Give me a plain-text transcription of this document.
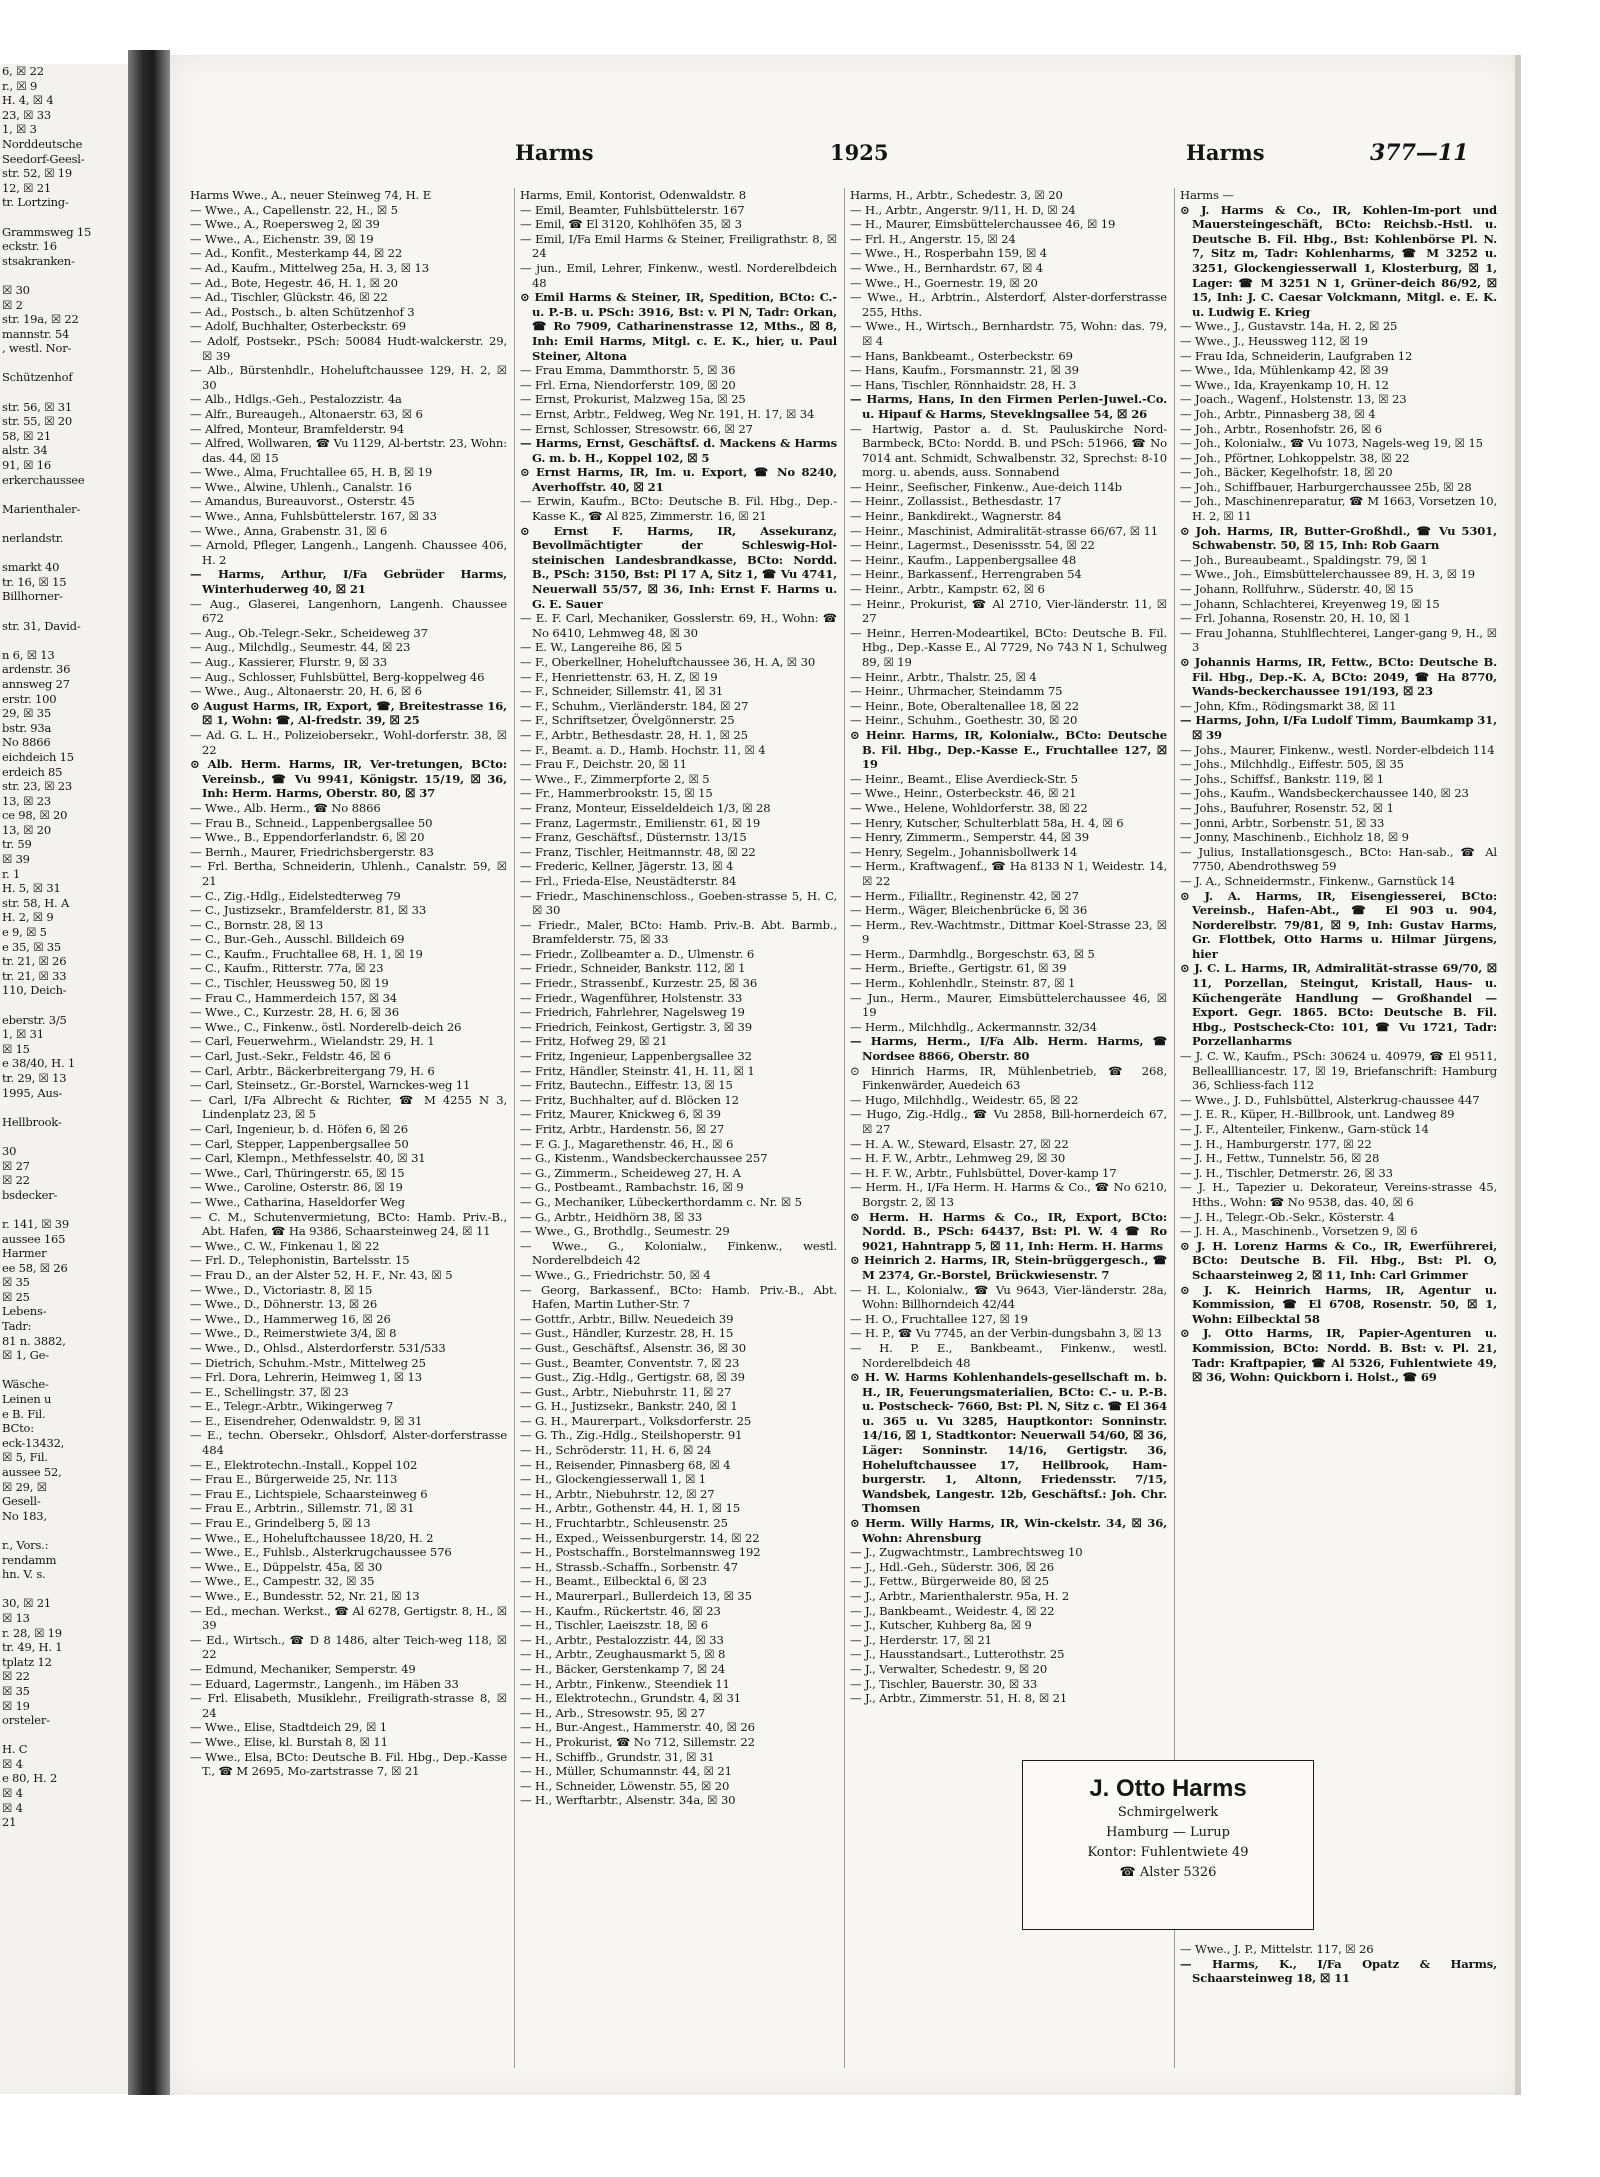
6, ☒ 22
r., ☒ 9
H. 4, ☒ 4
23, ☒ 33
1, ☒ 3
Norddeutsche
Seedorf-Geesl-
str. 52, ☒ 19
12, ☒ 21
tr. Lortzing-

Grammsweg 15
eckstr. 16
stsakranken-

☒ 30
☒ 2
str. 19a, ☒ 22
mannstr. 54
, westl. Nor-

Schützenhof

str. 56, ☒ 31
str. 55, ☒ 20
58, ☒ 21
alstr. 34
91, ☒ 16
erkerchaussee

Marienthaler-

nerlandstr.

smarkt 40
tr. 16, ☒ 15
Billhorner-

str. 31, David-

n 6, ☒ 13
ardenstr. 36
annsweg 27
erstr. 100
29, ☒ 35
bstr. 93a
No 8866
eichdeich 15
erdeich 85
str. 23, ☒ 23
13, ☒ 23
ce 98, ☒ 20
13, ☒ 20
tr. 59
☒ 39
r. 1
H. 5, ☒ 31
str. 58, H. A
H. 2, ☒ 9
e 9, ☒ 5
e 35, ☒ 35
tr. 21, ☒ 26
tr. 21, ☒ 33
110, Deich-

eberstr. 3/5
1, ☒ 31
☒ 15
e 38/40, H. 1
tr. 29, ☒ 13
1995, Aus-

Hellbrook-

30
☒ 27
☒ 22
bsdecker-

r. 141, ☒ 39
aussee 165
Harmer
ee 58, ☒ 26
☒ 35
☒ 25
Lebens-
Tadr:
81 n. 3882,
☒ 1, Ge-

Wäsche-
Leinen u
e B. Fil.
BCto:
eck-13432,
☒ 5, Fil.
aussee 52,
☒ 29, ☒
Gesell-
No 183,

r., Vors.:
rendamm
hn. V. s.

30, ☒ 21
☒ 13
r. 28, ☒ 19
tr. 49, H. 1
tplatz 12
☒ 22
☒ 35
☒ 19
orsteler-

H. C
☒ 4
e 80, H. 2
☒ 4
☒ 4
21
Harms	1925	Harms	377—11

Harms Wwe., A., neuer Steinweg 74, H. E

— Wwe., A., Capellenstr. 22, H., ☒ 5

— Wwe., A., Roepersweg 2, ☒ 39

— Wwe., A., Eichenstr. 39, ☒ 19

— Ad., Konfit., Mesterkamp 44, ☒ 22

— Ad., Kaufm., Mittelweg 25a, H. 3, ☒ 13

— Ad., Bote, Hegestr. 46, H. 1, ☒ 20

— Ad., Tischler, Glückstr. 46, ☒ 22

— Ad., Postsch., b. alten Schützenhof 3

— Adolf, Buchhalter, Osterbeckstr. 69

— Adolf, Postsekr., PSch: 50084 Hudt-walckerstr. 29, ☒ 39

— Alb., Bürstenhdlr., Hoheluftchaussee 129, H. 2, ☒ 30

— Alb., Hdlgs.-Geh., Pestalozzistr. 4a

— Alfr., Bureaugeh., Altonaerstr. 63, ☒ 6

— Alfred, Monteur, Bramfelderstr. 94

— Alfred, Wollwaren, ☎ Vu 1129, Al-bertstr. 23, Wohn: das. 44, ☒ 15

— Wwe., Alma, Fruchtallee 65, H. B, ☒ 19

— Wwe., Alwine, Uhlenh., Canalstr. 16

— Amandus, Bureauvorst., Osterstr. 45

— Wwe., Anna, Fuhlsbüttelerstr. 167, ☒ 33

— Wwe., Anna, Grabenstr. 31, ☒ 6

— Arnold, Pfleger, Langenh., Langenh. Chaussee 406, H. 2

— Harms, Arthur, I/Fa Gebrüder Harms, Winterhuderweg 40, ☒ 21

— Aug., Glaserei, Langenhorn, Langenh. Chaussee 672

— Aug., Ob.-Telegr.-Sekr., Scheideweg 37

— Aug., Milchdlg., Seumestr. 44, ☒ 23

— Aug., Kassierer, Flurstr. 9, ☒ 33

— Aug., Schlosser, Fuhlsbüttel, Berg-koppelweg 46

— Wwe., Aug., Altonaerstr. 20, H. 6, ☒ 6

⊙ August Harms, IR, Export, ☎, Breitestrasse 16, ☒ 1, Wohn: ☎, Al-fredstr. 39, ☒ 25

— Ad. G. L. H., Polizeiobersekr., Wohl-dorferstr. 38, ☒ 22

⊙ Alb. Herm. Harms, IR, Ver-tretungen, BCto: Vereinsb., ☎ Vu 9941, Königstr. 15/19, ☒ 36, Inh: Herm. Harms, Oberstr. 80, ☒ 37

— Wwe., Alb. Herm., ☎ No 8866

— Frau B., Schneid., Lappenbergsallee 50

— Wwe., B., Eppendorferlandstr. 6, ☒ 20

— Bernh., Maurer, Friedrichsbergerstr. 83

— Frl. Bertha, Schneiderin, Uhlenh., Canalstr. 59, ☒ 21

— C., Zig.-Hdlg., Eidelstedterweg 79

— C., Justizsekr., Bramfelderstr. 81, ☒ 33

— C., Bornstr. 28, ☒ 13

— C., Bur.-Geh., Ausschl. Billdeich 69

— C., Kaufm., Fruchtallee 68, H. 1, ☒ 19

— C., Kaufm., Ritterstr. 77a, ☒ 23

— C., Tischler, Heussweg 50, ☒ 19

— Frau C., Hammerdeich 157, ☒ 34

— Wwe., C., Kurzestr. 28, H. 6, ☒ 36

— Wwe., C., Finkenw., östl. Norderelb-deich 26

— Carl, Feuerwehrm., Wielandstr. 29, H. 1

— Carl, Just.-Sekr., Feldstr. 46, ☒ 6

— Carl, Arbtr., Bäckerbreitergang 79, H. 6

— Carl, Steinsetz., Gr.-Borstel, Warnckes-weg 11

— Carl, I/Fa Albrecht & Richter, ☎ M 4255 N 3, Lindenplatz 23, ☒ 5

— Carl, Ingenieur, b. d. Höfen 6, ☒ 26

— Carl, Stepper, Lappenbergsallee 50

— Carl, Klempn., Methfesselstr. 40, ☒ 31

— Wwe., Carl, Thüringerstr. 65, ☒ 15

— Wwe., Caroline, Osterstr. 86, ☒ 19

— Wwe., Catharina, Haseldorfer Weg

— C. M., Schutenvermietung, BCto: Hamb. Priv.-B., Abt. Hafen, ☎ Ha 9386, Schaarsteinweg 24, ☒ 11

— Wwe., C. W., Finkenau 1, ☒ 22

— Frl. D., Telephonistin, Bartelsstr. 15

— Frau D., an der Alster 52, H. F., Nr. 43, ☒ 5

— Wwe., D., Victoriastr. 8, ☒ 15

— Wwe., D., Döhnerstr. 13, ☒ 26

— Wwe., D., Hammerweg 16, ☒ 26

— Wwe., D., Reimerstwiete 3/4, ☒ 8

— Wwe., D., Ohlsd., Alsterdorferstr. 531/533

— Dietrich, Schuhm.-Mstr., Mittelweg 25

— Frl. Dora, Lehrerin, Heimweg 1, ☒ 13

— E., Schellingstr. 37, ☒ 23

— E., Telegr.-Arbtr., Wikingerweg 7

— E., Eisendreher, Odenwaldstr. 9, ☒ 31

— E., techn. Obersekr., Ohlsdorf, Alster-dorferstrasse 484

— E., Elektrotechn.-Install., Koppel 102

— Frau E., Bürgerweide 25, Nr. 113

— Frau E., Lichtspiele, Schaarsteinweg 6

— Frau E., Arbtrin., Sillemstr. 71, ☒ 31

— Frau E., Grindelberg 5, ☒ 13

— Wwe., E., Hoheluftchaussee 18/20, H. 2

— Wwe., E., Fuhlsb., Alsterkrugchaussee 576

— Wwe., E., Düppelstr. 45a, ☒ 30

— Wwe., E., Campestr. 32, ☒ 35

— Wwe., E., Bundesstr. 52, Nr. 21, ☒ 13

— Ed., mechan. Werkst., ☎ Al 6278, Gertigstr. 8, H., ☒ 39

— Ed., Wirtsch., ☎ D 8 1486, alter Teich-weg 118, ☒ 22

— Edmund, Mechaniker, Semperstr. 49

— Eduard, Lagermstr., Langenh., im Häben 33

— Frl. Elisabeth, Musiklehr., Freiligrath-strasse 8, ☒ 24

— Wwe., Elise, Stadtdeich 29, ☒ 1

— Wwe., Elise, kl. Burstah 8, ☒ 11

— Wwe., Elsa, BCto: Deutsche B. Fil. Hbg., Dep.-Kasse T., ☎ M 2695, Mo-zartstrasse 7, ☒ 21

Harms, Emil, Kontorist, Odenwaldstr. 8

— Emil, Beamter, Fuhlsbüttelerstr. 167

— Emil, ☎ El 3120, Kohlhöfen 35, ☒ 3

— Emil, I/Fa Emil Harms & Steiner, Freiligrathstr. 8, ☒ 24

— jun., Emil, Lehrer, Finkenw., westl. Norderelbdeich 48

⊙ Emil Harms & Steiner, IR, Spedition, BCto: C.-u. P.-B. u. PSch: 3916, Bst: v. Pl N, Tadr: Orkan, ☎ Ro 7909, Catharinenstrasse 12, Mths., ☒ 8, Inh: Emil Harms, Mitgl. c. E. K., hier, u. Paul Steiner, Altona

— Frau Emma, Dammthorstr. 5, ☒ 36

— Frl. Erna, Niendorferstr. 109, ☒ 20

— Ernst, Prokurist, Malzweg 15a, ☒ 25

— Ernst, Arbtr., Feldweg, Weg Nr. 191, H. 17, ☒ 34

— Ernst, Schlosser, Stresowstr. 66, ☒ 27

— Harms, Ernst, Geschäftsf. d. Mackens & Harms G. m. b. H., Koppel 102, ☒ 5

⊙ Ernst Harms, IR, Im. u. Export, ☎ No 8240, Averhoffstr. 40, ☒ 21

— Erwin, Kaufm., BCto: Deutsche B. Fil. Hbg., Dep.-Kasse K., ☎ Al 825, Zimmerstr. 16, ☒ 21

⊙ Ernst F. Harms, IR, Assekuranz, Bevollmächtigter der Schleswig-Hol-steinischen Landesbrandkasse, BCto: Nordd. B., PSch: 3150, Bst: Pl 17 A, Sitz 1, ☎ Vu 4741, Neuerwall 55/57, ☒ 36, Inh: Ernst F. Harms u. G. E. Sauer

— E. F. Carl, Mechaniker, Gosslerstr. 69, H., Wohn: ☎ No 6410, Lehmweg 48, ☒ 30

— E. W., Langereihe 86, ☒ 5

— F., Oberkellner, Hoheluftchaussee 36, H. A, ☒ 30

— F., Henriettenstr. 63, H. Z, ☒ 19

— F., Schneider, Sillemstr. 41, ☒ 31

— F., Schuhm., Vierländerstr. 184, ☒ 27

— F., Schriftsetzer, Övelgönnerstr. 25

— F., Arbtr., Bethesdastr. 28, H. 1, ☒ 25

— F., Beamt. a. D., Hamb. Hochstr. 11, ☒ 4

— Frau F., Deichstr. 20, ☒ 11

— Wwe., F., Zimmerpforte 2, ☒ 5

— Fr., Hammerbrookstr. 15, ☒ 15

— Franz, Monteur, Eisseldeldeich 1/3, ☒ 28

— Franz, Lagermstr., Emilienstr. 61, ☒ 19

— Franz, Geschäftsf., Düsternstr. 13/15

— Franz, Tischler, Heitmannstr. 48, ☒ 22

— Frederic, Kellner, Jägerstr. 13, ☒ 4

— Frl., Frieda-Else, Neustädterstr. 84

— Friedr., Maschinenschloss., Goeben-strasse 5, H. C, ☒ 30

— Friedr., Maler, BCto: Hamb. Priv.-B. Abt. Barmb., Bramfelderstr. 75, ☒ 33

— Friedr., Zollbeamter a. D., Ulmenstr. 6

— Friedr., Schneider, Bankstr. 112, ☒ 1

— Friedr., Strassenbf., Kurzestr. 25, ☒ 36

— Friedr., Wagenführer, Holstenstr. 33

— Friedrich, Fahrlehrer, Nagelsweg 19

— Friedrich, Feinkost, Gertigstr. 3, ☒ 39

— Fritz, Hofweg 29, ☒ 21

— Fritz, Ingenieur, Lappenbergsallee 32

— Fritz, Händler, Steinstr. 41, H. 11, ☒ 1

— Fritz, Bautechn., Eiffestr. 13, ☒ 15

— Fritz, Buchhalter, auf d. Blöcken 12

— Fritz, Maurer, Knickweg 6, ☒ 39

— Fritz, Arbtr., Hardenstr. 56, ☒ 27

— F. G. J., Magarethenstr. 46, H., ☒ 6

— G., Kistenm., Wandsbeckerchaussee 257

— G., Zimmerm., Scheideweg 27, H. A

— G., Postbeamt., Rambachstr. 16, ☒ 9

— G., Mechaniker, Lübeckerthordamm c. Nr. ☒ 5

— G., Arbtr., Heidhörn 38, ☒ 33

— Wwe., G., Brothdlg., Seumestr. 29

— Wwe., G., Kolonialw., Finkenw., westl. Norderelbdeich 42

— Wwe., G., Friedrichstr. 50, ☒ 4

— Georg, Barkassenf., BCto: Hamb. Priv.-B., Abt. Hafen, Martin Luther-Str. 7

— Gottfr., Arbtr., Billw. Neuedeich 39

— Gust., Händler, Kurzestr. 28, H. 15

— Gust., Geschäftsf., Alsenstr. 36, ☒ 30

— Gust., Beamter, Conventstr. 7, ☒ 23

— Gust., Zig.-Hdlg., Gertigstr. 68, ☒ 39

— Gust., Arbtr., Niebuhrstr. 11, ☒ 27

— G. H., Justizsekr., Bankstr. 240, ☒ 1

— G. H., Maurerpart., Volksdorferstr. 25

— G. Th., Zig.-Hdlg., Steilshoperstr. 91

— H., Schröderstr. 11, H. 6, ☒ 24

— H., Reisender, Pinnasberg 68, ☒ 4

— H., Glockengiesserwall 1, ☒ 1

— H., Arbtr., Niebuhrstr. 12, ☒ 27

— H., Arbtr., Gothenstr. 44, H. 1, ☒ 15

— H., Fruchtarbtr., Schleusenstr. 25

— H., Exped., Weissenburgerstr. 14, ☒ 22

— H., Postschaffn., Borstelmannsweg 192

— H., Strassb.-Schaffn., Sorbenstr. 47

— H., Beamt., Eilbecktal 6, ☒ 23

— H., Maurerparl., Bullerdeich 13, ☒ 35

— H., Kaufm., Rückertstr. 46, ☒ 23

— H., Tischler, Laeiszstr. 18, ☒ 6

— H., Arbtr., Pestalozzistr. 44, ☒ 33

— H., Arbtr., Zeughausmarkt 5, ☒ 8

— H., Bäcker, Gerstenkamp 7, ☒ 24

— H., Arbtr., Finkenw., Steendiek 11

— H., Elektrotechn., Grundstr. 4, ☒ 31

— H., Arb., Stresowstr. 95, ☒ 27

— H., Bur.-Angest., Hammerstr. 40, ☒ 26

— H., Prokurist, ☎ No 712, Sillemstr. 22

— H., Schiffb., Grundstr. 31, ☒ 31

— H., Müller, Schumannstr. 44, ☒ 21

— H., Schneider, Löwenstr. 55, ☒ 20

— H., Werftarbtr., Alsenstr. 34a, ☒ 30

Harms, H., Arbtr., Schedestr. 3, ☒ 20

— H., Arbtr., Angerstr. 9/11, H. D, ☒ 24

— H., Maurer, Eimsbüttelerchaussee 46, ☒ 19

— Frl. H., Angerstr. 15, ☒ 24

— Wwe., H., Rosperbahn 159, ☒ 4

— Wwe., H., Bernhardstr. 67, ☒ 4

— Wwe., H., Goernestr. 19, ☒ 20

— Wwe., H., Arbtrin., Alsterdorf, Alster-dorferstrasse 255, Hths.

— Wwe., H., Wirtsch., Bernhardstr. 75, Wohn: das. 79, ☒ 4

— Hans, Bankbeamt., Osterbeckstr. 69

— Hans, Kaufm., Forsmannstr. 21, ☒ 39

— Hans, Tischler, Rönnhaidstr. 28, H. 3

— Harms, Hans, In den Firmen Perlen-Juwel.-Co. u. Hipauf & Harms, Steveklngsallee 54, ☒ 26

— Hartwig, Pastor a. d. St. Pauluskirche Nord-Barmbeck, BCto: Nordd. B. und PSch: 51966, ☎ No 7014 ant. Schmidt, Schwalbenstr. 32, Sprechst: 8-10 morg. u. abends, auss. Sonnabend

— Heinr., Seefischer, Finkenw., Aue-deich 114b

— Heinr., Zollassist., Bethesdastr. 17

— Heinr., Bankdirekt., Wagnerstr. 84

— Heinr., Maschinist, Admiralität-strasse 66/67, ☒ 11

— Heinr., Lagermst., Desenissstr. 54, ☒ 22

— Heinr., Kaufm., Lappenbergsallee 48

— Heinr., Barkassenf., Herrengraben 54

— Heinr., Arbtr., Kampstr. 62, ☒ 6

— Heinr., Prokurist, ☎ Al 2710, Vier-länderstr. 11, ☒ 27

— Heinr., Herren-Modeartikel, BCto: Deutsche B. Fil. Hbg., Dep.-Kasse E., Al 7729, No 743 N 1, Schulweg 89, ☒ 19

— Heinr., Arbtr., Thalstr. 25, ☒ 4

— Heinr., Uhrmacher, Steindamm 75

— Heinr., Bote, Oberaltenallee 18, ☒ 22

— Heinr., Schuhm., Goethestr. 30, ☒ 20

⊙ Heinr. Harms, IR, Kolonialw., BCto: Deutsche B. Fil. Hbg., Dep.-Kasse E., Fruchtallee 127, ☒ 19

— Heinr., Beamt., Elise Averdieck-Str. 5

— Wwe., Heinr., Osterbeckstr. 46, ☒ 21

— Wwe., Helene, Wohldorferstr. 38, ☒ 22

— Henry, Kutscher, Schulterblatt 58a, H. 4, ☒ 6

— Henry, Zimmerm., Semperstr. 44, ☒ 39

— Henry, Segelm., Johannisbollwerk 14

— Herm., Kraftwagenf., ☎ Ha 8133 N 1, Weidestr. 14, ☒ 22

— Herm., Filialltr., Reginenstr. 42, ☒ 27

— Herm., Wäger, Bleichenbrücke 6, ☒ 36

— Herm., Rev.-Wachtmstr., Dittmar Koel-Strasse 23, ☒ 9

— Herm., Darmhdlg., Borgeschstr. 63, ☒ 5

— Herm., Briefte., Gertigstr. 61, ☒ 39

— Herm., Kohlenhdlr., Steinstr. 87, ☒ 1

— Jun., Herm., Maurer, Eimsbüttelerchaussee 46, ☒ 19

— Herm., Milchhdlg., Ackermannstr. 32/34

— Harms, Herm., I/Fa Alb. Herm. Harms, ☎ Nordsee 8866, Oberstr. 80

⊙ Hinrich Harms, IR, Mühlenbetrieb, ☎ 268, Finkenwärder, Auedeich 63

— Hugo, Milchhdlg., Weidestr. 65, ☒ 22

— Hugo, Zig.-Hdlg., ☎ Vu 2858, Bill-hornerdeich 67, ☒ 27

— H. A. W., Steward, Elsastr. 27, ☒ 22

— H. F. W., Arbtr., Lehmweg 29, ☒ 30

— H. F. W., Arbtr., Fuhlsbüttel, Dover-kamp 17

— Herm. H., I/Fa Herm. H. Harms & Co., ☎ No 6210, Borgstr. 2, ☒ 13

⊙ Herm. H. Harms & Co., IR, Export, BCto: Nordd. B., PSch: 64437, Bst: Pl. W. 4 ☎ Ro 9021, Hahntrapp 5, ☒ 11, Inh: Herm. H. Harms

⊙ Heinrich 2. Harms, IR, Stein-brüggergesch., ☎ M 2374, Gr.-Borstel, Brückwiesenstr. 7

— H. L., Kolonialw., ☎ Vu 9643, Vier-länderstr. 28a, Wohn: Billhorndeich 42/44

— H. O., Fruchtallee 127, ☒ 19

— H. P., ☎ Vu 7745, an der Verbin-dungsbahn 3, ☒ 13

— H. P. E., Bankbeamt., Finkenw., westl. Norderelbdeich 48

⊙ H. W. Harms Kohlenhandels-gesellschaft m. b. H., IR, Feuerungsmaterialien, BCto: C.- u. P.-B. u. Postscheck- 7660, Bst: Pl. N, Sitz c. ☎ El 364 u. 365 u. Vu 3285, Hauptkontor: Sonninstr. 14/16, ☒ 1, Stadtkontor: Neuerwall 54/60, ☒ 36, Läger: Sonninstr. 14/16, Gertigstr. 36, Hoheluftchaussee 17, Hellbrook, Ham-burgerstr. 1, Altonn, Friedensstr. 7/15, Wandsbek, Langestr. 12b, Geschäftsf.: Joh. Chr. Thomsen

⊙ Herm. Willy Harms, IR, Win-ckelstr. 34, ☒ 36, Wohn: Ahrensburg

— J., Zugwachtmstr., Lambrechtsweg 10

— J., Hdl.-Geh., Süderstr. 306, ☒ 26

— J., Fettw., Bürgerweide 80, ☒ 25

— J., Arbtr., Marienthalerstr. 95a, H. 2

— J., Bankbeamt., Weidestr. 4, ☒ 22

— J., Kutscher, Kuhberg 8a, ☒ 9

— J., Herderstr. 17, ☒ 21

— J., Hausstandsart., Lutterothstr. 25

— J., Verwalter, Schedestr. 9, ☒ 20

— J., Tischler, Bauerstr. 30, ☒ 33

— J., Arbtr., Zimmerstr. 51, H. 8, ☒ 21

Harms —

⊙ J. Harms & Co., IR, Kohlen-Im-port und Mauersteingeschäft, BCto: Reichsb.-Hstl. u. Deutsche B. Fil. Hbg., Bst: Kohlenbörse Pl. N. 7, Sitz m, Tadr: Kohlenharms, ☎ M 3252 u. 3251, Glockengiesserwall 1, Klosterburg, ☒ 1, Lager: ☎ M 3251 N 1, Grüner-deich 86/92, ☒ 15, Inh: J. C. Caesar Volckmann, Mitgl. e. E. K. u. Ludwig E. Krieg

— Wwe., J., Gustavstr. 14a, H. 2, ☒ 25

— Wwe., J., Heussweg 112, ☒ 19

— Frau Ida, Schneiderin, Laufgraben 12

— Wwe., Ida, Mühlenkamp 42, ☒ 39

— Wwe., Ida, Krayenkamp 10, H. 12

— Joach., Wagenf., Holstenstr. 13, ☒ 23

— Joh., Arbtr., Pinnasberg 38, ☒ 4

— Joh., Arbtr., Rosenhofstr. 26, ☒ 6

— Joh., Kolonialw., ☎ Vu 1073, Nagels-weg 19, ☒ 15

— Joh., Pförtner, Lohkoppelstr. 38, ☒ 22

— Joh., Bäcker, Kegelhofstr. 18, ☒ 20

— Joh., Schiffbauer, Harburgerchaussee 25b, ☒ 28

— Joh., Maschinenreparatur, ☎ M 1663, Vorsetzen 10, H. 2, ☒ 11

⊙ Joh. Harms, IR, Butter-Großhdl., ☎ Vu 5301, Schwabenstr. 50, ☒ 15, Inh: Rob Gaarn

— Joh., Bureaubeamt., Spaldingstr. 79, ☒ 1

— Wwe., Joh., Eimsbüttelerchaussee 89, H. 3, ☒ 19

— Johann, Rollfuhrw., Süderstr. 40, ☒ 15

— Johann, Schlachterei, Kreyenweg 19, ☒ 15

— Frl. Johanna, Rosenstr. 20, H. 10, ☒ 1

— Frau Johanna, Stuhlflechterei, Langer-gang 9, H., ☒ 3

⊙ Johannis Harms, IR, Fettw., BCto: Deutsche B. Fil. Hbg., Dep.-K. A, BCto: 2049, ☎ Ha 8770, Wands-beckerchaussee 191/193, ☒ 23

— John, Kfm., Rödingsmarkt 38, ☒ 11

— Harms, John, I/Fa Ludolf Timm, Baumkamp 31, ☒ 39

— Johs., Maurer, Finkenw., westl. Norder-elbdeich 114

— Johs., Milchhdlg., Eiffestr. 505, ☒ 35

— Johs., Schiffsf., Bankstr. 119, ☒ 1

— Johs., Kaufm., Wandsbeckerchaussee 140, ☒ 23

— Johs., Baufuhrer, Rosenstr. 52, ☒ 1

— Jonni, Arbtr., Sorbenstr. 51, ☒ 33

— Jonny, Maschinenb., Eichholz 18, ☒ 9

— Julius, Installationsgesch., BCto: Han-sab., ☎ Al 7750, Abendrothsweg 59

— J. A., Schneidermstr., Finkenw., Garnstück 14

⊙ J. A. Harms, IR, Eisengiesserei, BCto: Vereinsb., Hafen-Abt., ☎ El 903 u. 904, Norderelbstr. 79/81, ☒ 9, Inh: Gustav Harms, Gr. Flottbek, Otto Harms u. Hilmar Jürgens, hier

⊙ J. C. L. Harms, IR, Admiralität-strasse 69/70, ☒ 11, Porzellan, Steingut, Kristall, Haus- u. Küchengeräte Handlung — Großhandel — Export. Gegr. 1865. BCto: Deutsche B. Fil. Hbg., Postscheck-Cto: 101, ☎ Vu 1721, Tadr: Porzellanharms

— J. C. W., Kaufm., PSch: 30624 u. 40979, ☎ El 9511, Belleallliancestr. 17, ☒ 19, Briefanschrift: Hamburg 36, Schliess-fach 112

— Wwe., J. D., Fuhlsbüttel, Alsterkrug-chaussee 447

— J. E. R., Küper, H.-Billbrook, unt. Landweg 89

— J. F., Altenteiler, Finkenw., Garn-stück 14

— J. H., Hamburgerstr. 177, ☒ 22

— J. H., Fettw., Tunnelstr. 56, ☒ 28

— J. H., Tischler, Detmerstr. 26, ☒ 33

— J. H., Tapezier u. Dekorateur, Vereins-strasse 45, Hths., Wohn: ☎ No 9538, das. 40, ☒ 6

— J. H., Telegr.-Ob.-Sekr., Kösterstr. 4

— J. H. A., Maschinenb., Vorsetzen 9, ☒ 6

⊙ J. H. Lorenz Harms & Co., IR, Ewerführerei, BCto: Deutsche B. Fil. Hbg., Bst: Pl. O, Schaarsteinweg 2, ☒ 11, Inh: Carl Grimmer

⊙ J. K. Heinrich Harms, IR, Agentur u. Kommission, ☎ El 6708, Rosenstr. 50, ☒ 1, Wohn: Eilbecktal 58

⊙ J. Otto Harms, IR, Papier-Agenturen u. Kommission, BCto: Nordd. B. Bst: v. Pl. 21, Tadr: Kraftpapier, ☎ Al 5326, Fuhlentwiete 49, ☒ 36, Wohn: Quickborn i. Holst., ☎ 69

J. Otto Harms
Schmirgelwerk
Hamburg — Lurup
Kontor: Fuhlentwiete 49
☎ Alster 5326

— Wwe., J. P., Mittelstr. 117, ☒ 26

— Harms, K., I/Fa Opatz & Harms, Schaarsteinweg 18, ☒ 11
